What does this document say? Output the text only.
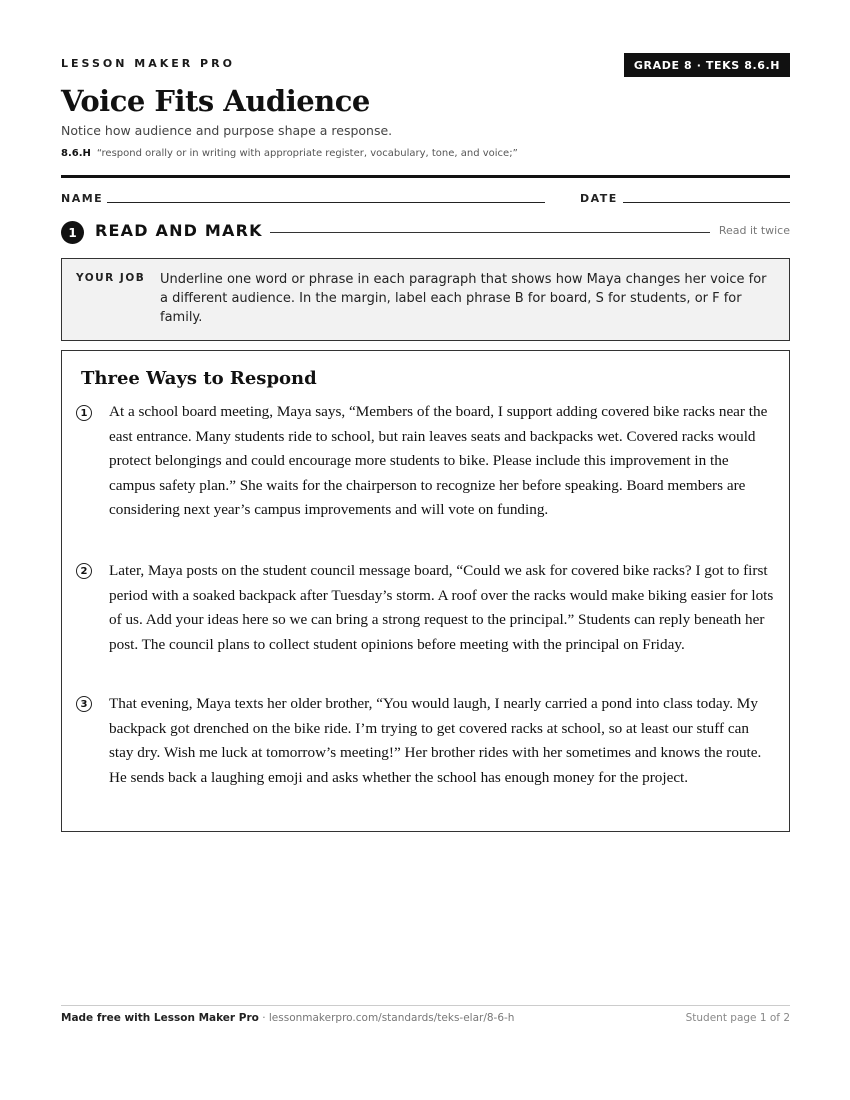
LESSON MAKER PRO	GRADE 8 · TEKS 8.6.H
Voice Fits Audience
Notice how audience and purpose shape a response.
8.6.H “respond orally or in writing with appropriate register, vocabulary, tone, and voice;”
NAME	DATE
1	READ AND MARK	Read it twice
YOUR JOB Underline one word or phrase in each paragraph that shows how Maya changes her voice for a different audience. In the margin, label each phrase B for board, S for students, or F for family.
Three Ways to Respond
1 At a school board meeting, Maya says, “Members of the board, I support adding covered bike racks near the east entrance. Many students ride to school, but rain leaves seats and backpacks wet. Covered racks would protect belongings and could encourage more students to bike. Please include this improvement in the campus safety plan.” She waits for the chairperson to recognize her before speaking. Board members are considering next year’s campus improvements and will vote on funding.
2 Later, Maya posts on the student council message board, “Could we ask for covered bike racks? I got to first period with a soaked backpack after Tuesday’s storm. A roof over the racks would make biking easier for lots of us. Add your ideas here so we can bring a strong request to the principal.” Students can reply beneath her post. The council plans to collect student opinions before meeting with the principal on Friday.
3 That evening, Maya texts her older brother, “You would laugh, I nearly carried a pond into class today. My backpack got drenched on the bike ride. I’m trying to get covered racks at school, so at least our stuff can stay dry. Wish me luck at tomorrow’s meeting!” Her brother rides with her sometimes and knows the route. He sends back a laughing emoji and asks whether the school has enough money for the project.
Made free with Lesson Maker Pro · lessonmakerpro.com/standards/teks-elar/8-6-h	Student page 1 of 2
